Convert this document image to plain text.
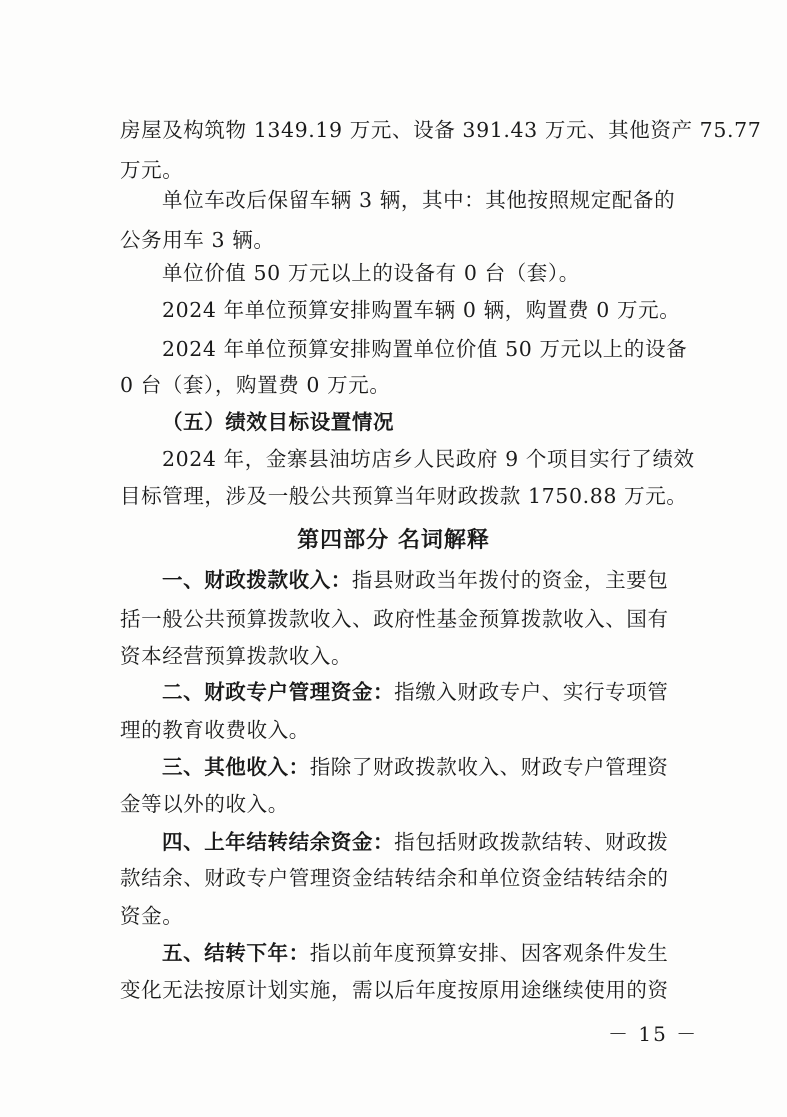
房屋及构筑物 1349.19 万元、设备 391.43 万元、其他资产 75.77
万元。
单位车改后保留车辆 3 辆，其中：其他按照规定配备的
公务用车 3 辆。
单位价值 50 万元以上的设备有 0 台（套）。
2024 年单位预算安排购置车辆 0 辆，购置费 0 万元。
2024 年单位预算安排购置单位价值 50 万元以上的设备
0 台（套），购置费 0 万元。
（五）绩效目标设置情况
2024 年，金寨县油坊店乡人民政府 9 个项目实行了绩效
目标管理，涉及一般公共预算当年财政拨款 1750.88 万元。
第四部分 名词解释
一、财政拨款收入：指县财政当年拨付的资金，主要包
括一般公共预算拨款收入、政府性基金预算拨款收入、国有
资本经营预算拨款收入。
二、财政专户管理资金：指缴入财政专户、实行专项管
理的教育收费收入。
三、其他收入：指除了财政拨款收入、财政专户管理资
金等以外的收入。
四、上年结转结余资金：指包括财政拨款结转、财政拨
款结余、财政专户管理资金结转结余和单位资金结转结余的
资金。
五、结转下年：指以前年度预算安排、因客观条件发生
变化无法按原计划实施，需以后年度按原用途继续使用的资
－ 15 －
